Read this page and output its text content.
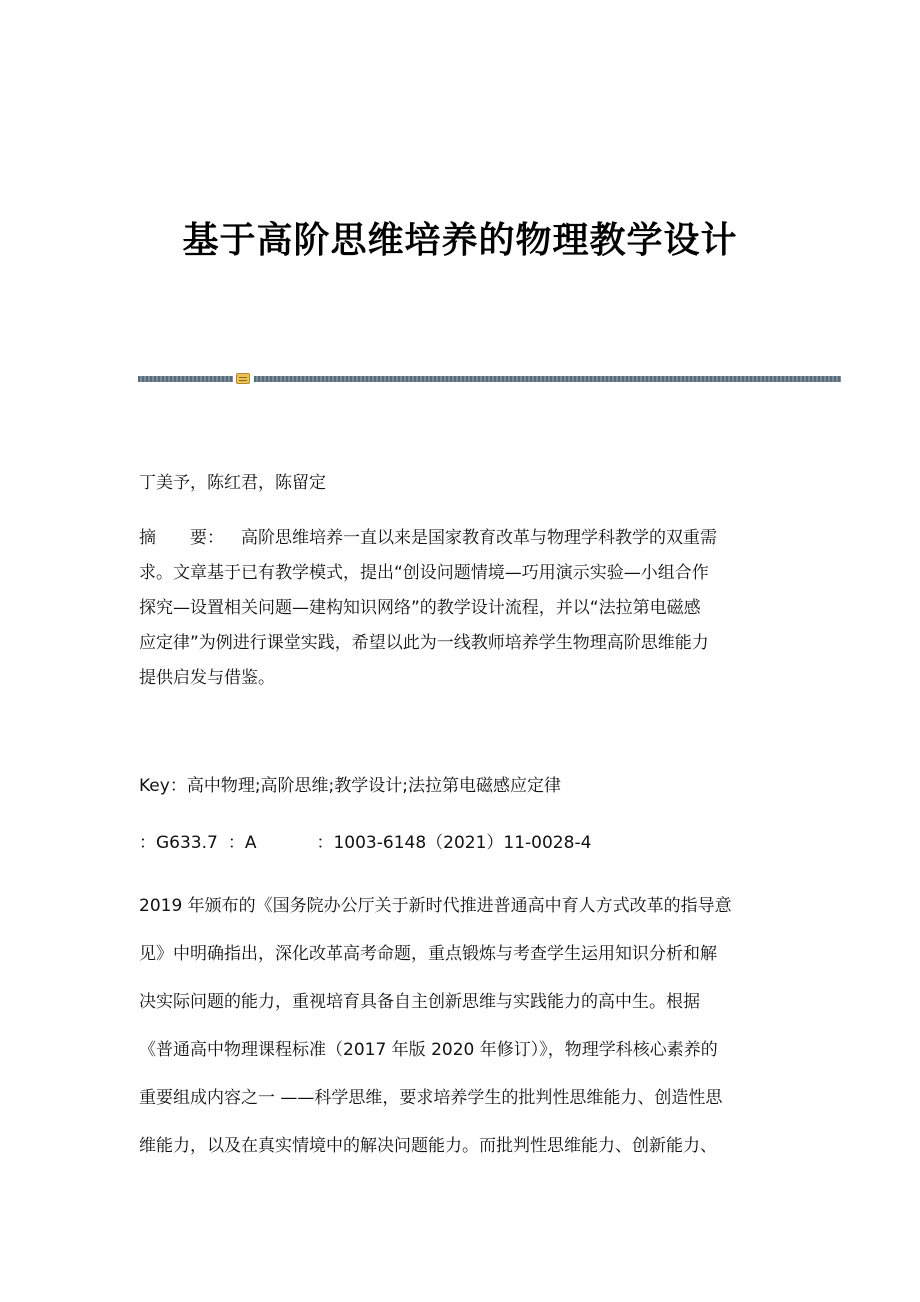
基于高阶思维培养的物理教学设计

丁美予，陈红君，陈留定

摘　　要： 高阶思维培养一直以来是国家教育改革与物理学科教学的双重需
求。文章基于已有教学模式，提出“创设问题情境—巧用演示实验—小组合作
探究—设置相关问题—建构知识网络”的教学设计流程，并以“法拉第电磁感
应定律”为例进行课堂实践，希望以此为一线教师培养学生物理高阶思维能力
提供启发与借鉴。

Key：高中物理;高阶思维;教学设计;法拉第电磁感应定律

：G633.7 ：A	：1003-6148（2021）11-0028-4

2019 年颁布的《国务院办公厅关于新时代推进普通高中育人方式改革的指导意
见》中明确指出，深化改革高考命题，重点锻炼与考查学生运用知识分析和解
决实际问题的能力，重视培育具备自主创新思维与实践能力的高中生。根据
《普通高中物理课程标准（2017 年版 2020 年修订）》，物理学科核心素养的
重要组成内容之一 ——科学思维，要求培养学生的批判性思维能力、创造性思
维能力，以及在真实情境中的解决问题能力。而批判性思维能力、创新能力、
